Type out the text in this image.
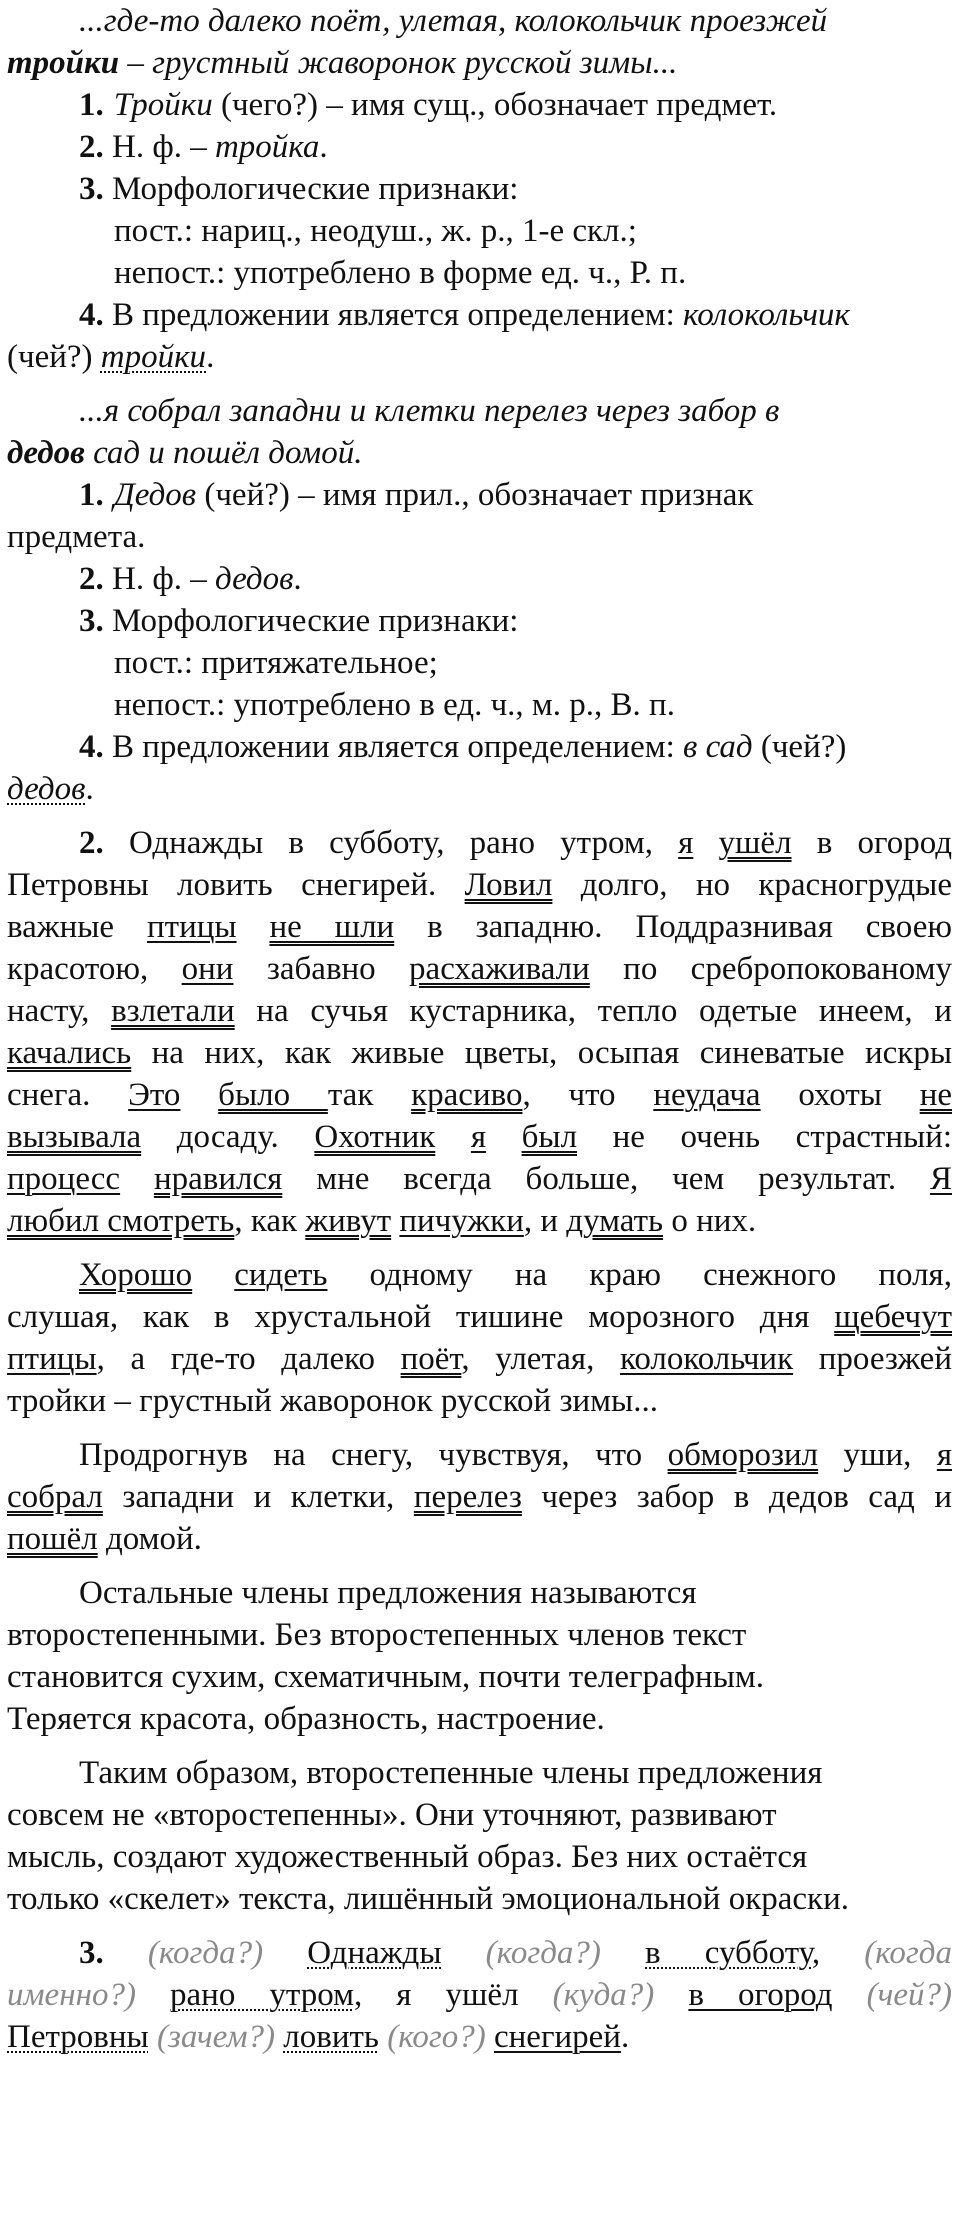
...где-то далеко поёт, улетая, колокольчик проезжей
тройки – грустный жаворонок русской зимы...
1. Тройки (чего?) – имя сущ., обозначает предмет.
2. Н. ф. – тройка.
3. Морфологические признаки:
пост.: нариц., неодуш., ж. р., 1-е скл.;
непост.: употреблено в форме ед. ч., Р. п.
4. В предложении является определением: колокольчик
(чей?) тройки.
...я собрал западни и клетки перелез через забор в
дедов сад и пошёл домой.
1. Дедов (чей?) – имя прил., обозначает признак
предмета.
2. Н. ф. – дедов.
3. Морфологические признаки:
пост.: притяжательное;
непост.: употреблено в ед. ч., м. р., В. п.
4. В предложении является определением: в сад (чей?)
дедов.
2. Однажды в субботу, рано утром, я ушёл в огород
Петровны ловить снегирей. Ловил долго, но красногрудые
важные птицы не шли в западню. Поддразнивая своею
красотою, они забавно расхаживали по сребропокованому
насту, взлетали на сучья кустарника, тепло одетые инеем, и
качались на них, как живые цветы, осыпая синеватые искры
снега. Это было так красиво, что неудача охоты не
вызывала досаду. Охотник я был не очень страстный:
процесс нравился мне всегда больше, чем результат. Я
любил смотреть, как живут пичужки, и думать о них.
Хорошо сидеть одному на краю снежного поля,
слушая, как в хрустальной тишине морозного дня щебечут
птицы, а где-то далеко поёт, улетая, колокольчик проезжей
тройки – грустный жаворонок русской зимы...
Продрогнув на снегу, чувствуя, что обморозил уши, я
собрал западни и клетки, перелез через забор в дедов сад и
пошёл домой.
Остальные члены предложения называются
второстепенными. Без второстепенных членов текст
становится сухим, схематичным, почти телеграфным.
Теряется красота, образность, настроение.
Таким образом, второстепенные члены предложения
совсем не «второстепенны». Они уточняют, развивают
мысль, создают художественный образ. Без них остаётся
только «скелет» текста, лишённый эмоциональной окраски.
3. (когда?) Однажды (когда?) в субботу, (когда
именно?) рано утром, я ушёл (куда?) в огород (чей?)
Петровны (зачем?) ловить (кого?) снегирей.
